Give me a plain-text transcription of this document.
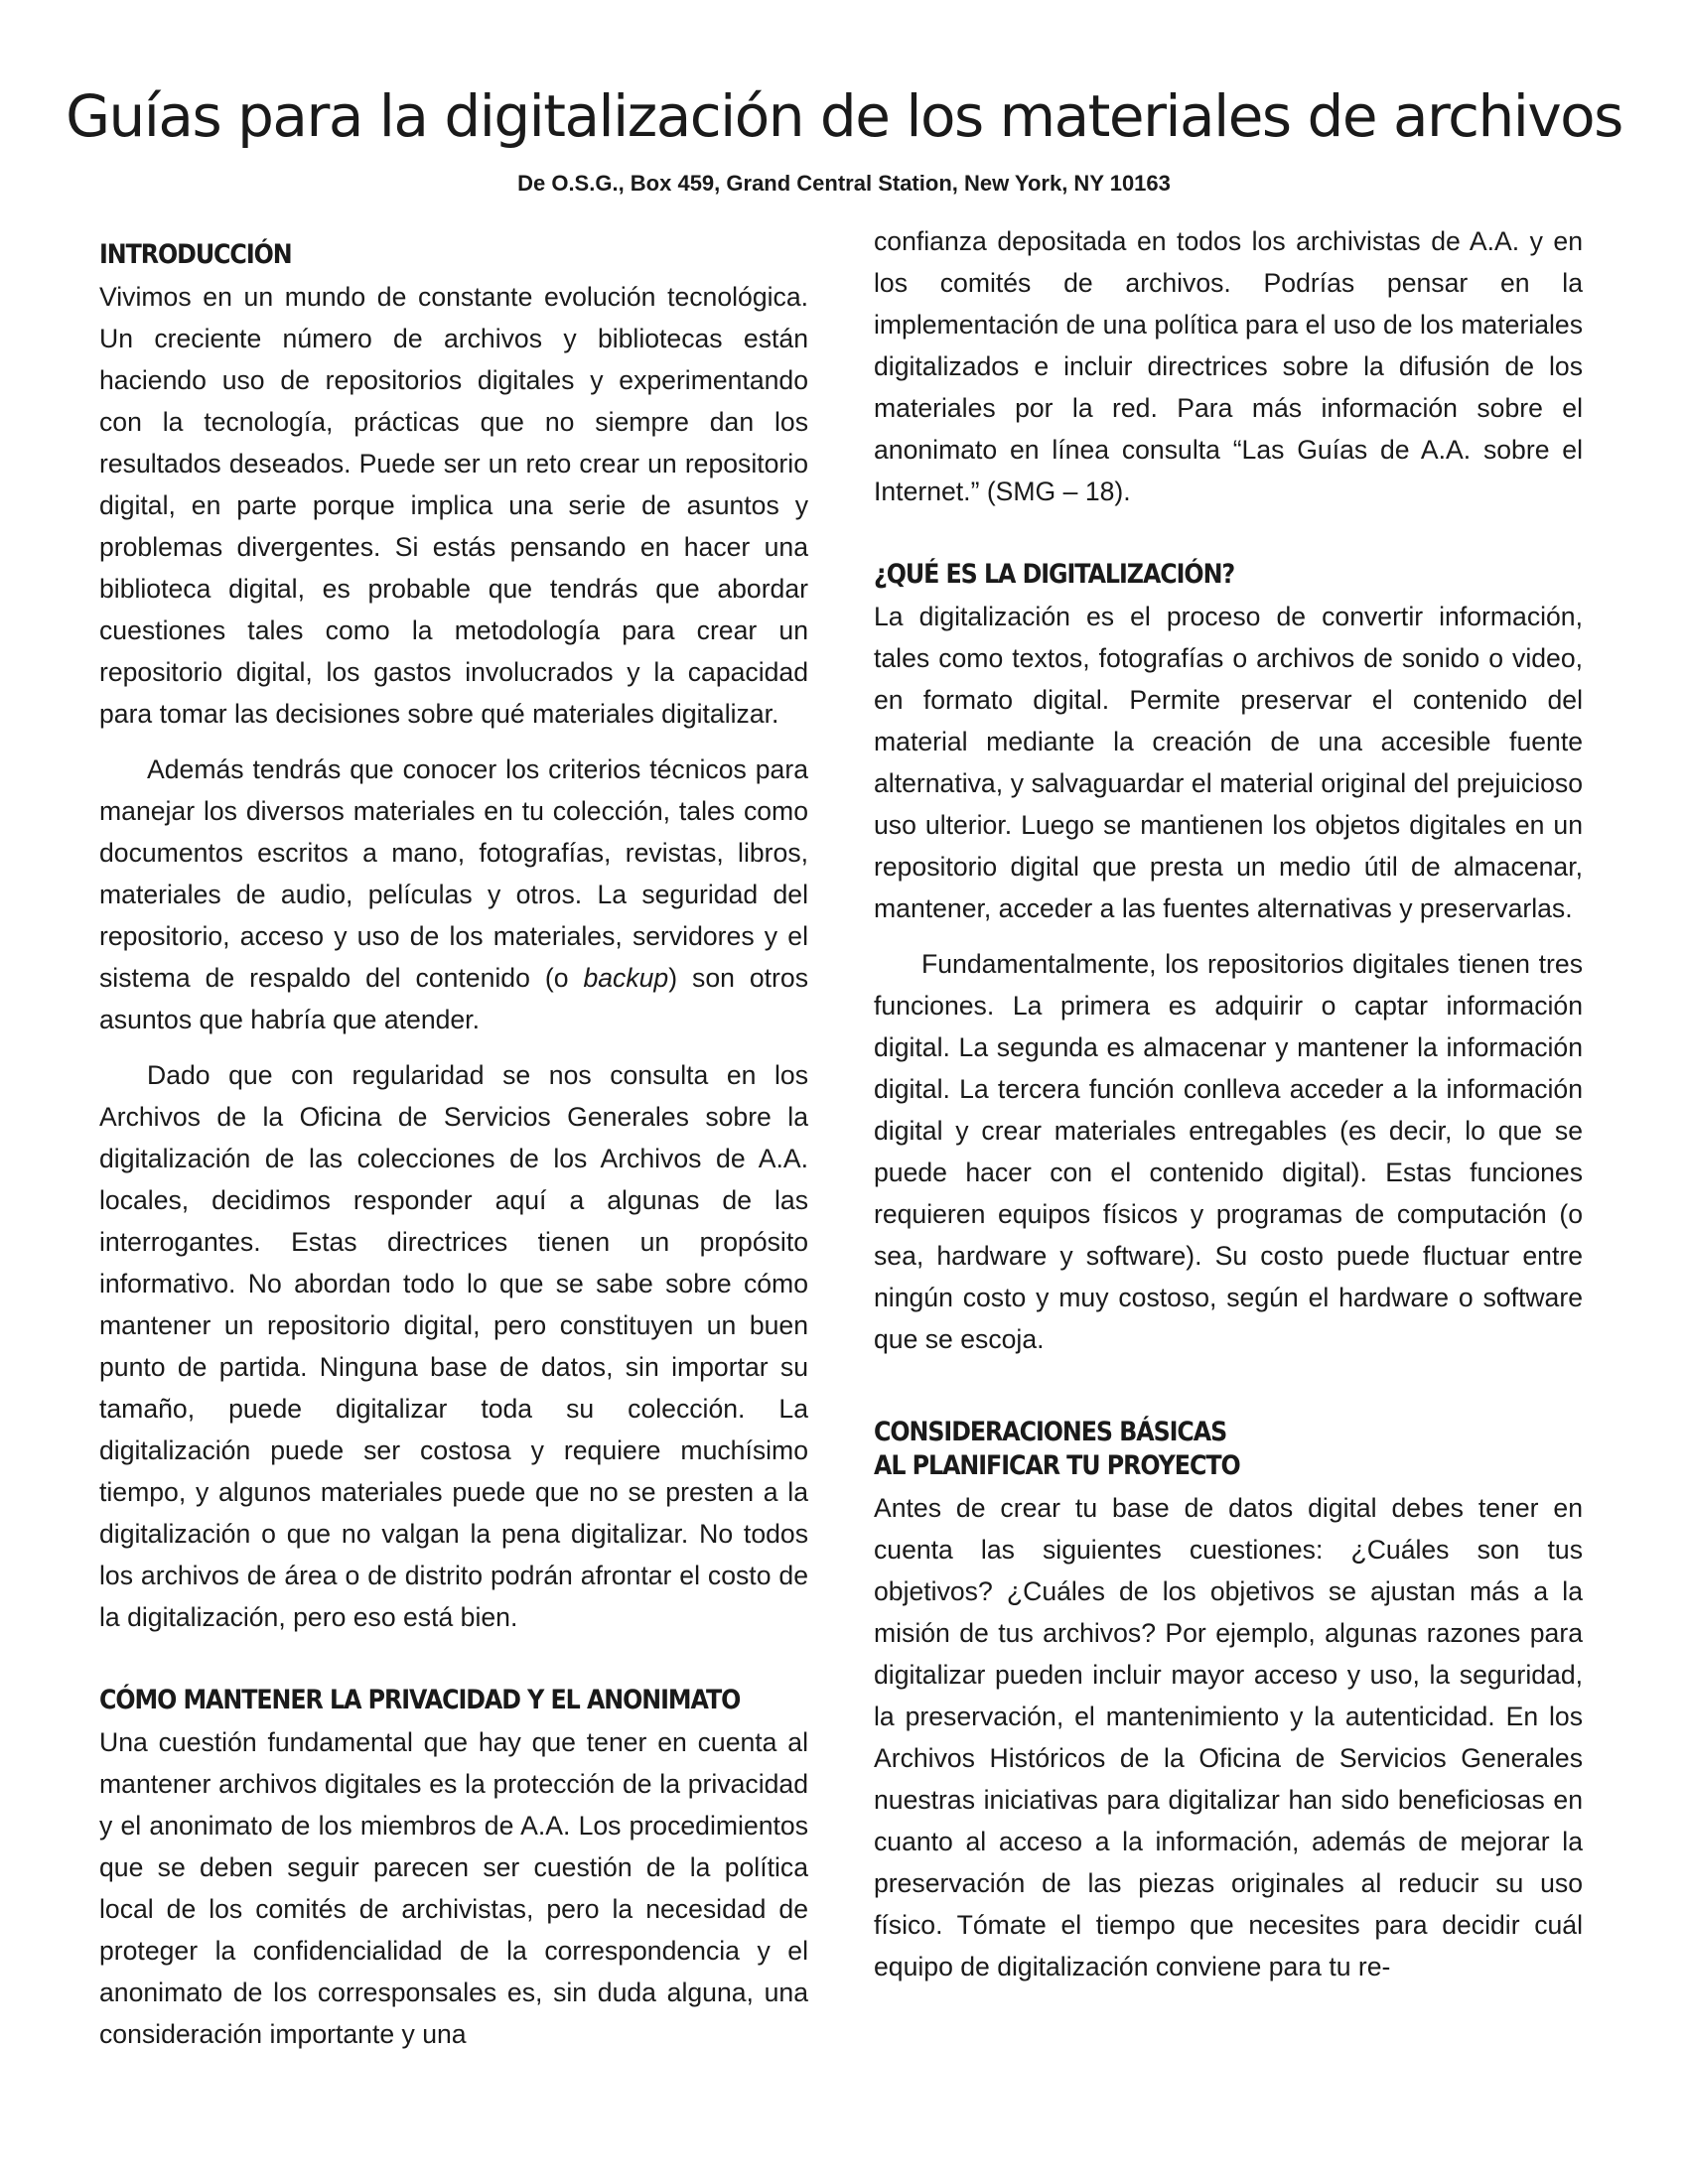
Guías para la digitalización de los materiales de archivos

De O.S.G., Box 459, Grand Central Station, New York, NY 10163

INTRODUCCIÓN

Vivimos en un mundo de constante evolución tecnológica. Un creciente número de archivos y bibliotecas están haciendo uso de repositorios digitales y experimentando con la tecnología, prácticas que no siempre dan los resultados deseados. Puede ser un reto crear un repositorio digital, en parte porque implica una serie de asuntos y problemas divergentes. Si estás pensando en hacer una biblioteca digital, es probable que tendrás que abordar cuestiones tales como la metodología para crear un repositorio digital, los gastos involucrados y la capacidad para tomar las decisiones sobre qué materiales digitalizar.

Además tendrás que conocer los criterios técnicos para manejar los diversos materiales en tu colección, tales como documentos escritos a mano, fotografías, revistas, libros, materiales de audio, películas y otros. La seguridad del repositorio, acceso y uso de los materiales, servidores y el sistema de respaldo del contenido (o backup) son otros asuntos que habría que atender.

Dado que con regularidad se nos consulta en los Archivos de la Oficina de Servicios Generales sobre la digitalización de las colecciones de los Archivos de A.A. locales, decidimos responder aquí a algunas de las interrogantes. Estas directrices tienen un propósito informativo. No abordan todo lo que se sabe sobre cómo mantener un repositorio digital, pero constituyen un buen punto de partida. Ninguna base de datos, sin importar su tamaño, puede digitalizar toda su colección. La digitalización puede ser costosa y requiere muchísimo tiempo, y algunos materiales puede que no se presten a la digitalización o que no valgan la pena digitalizar. No todos los archivos de área o de distrito podrán afrontar el costo de la digitalización, pero eso está bien.

CÓMO MANTENER LA PRIVACIDAD Y EL ANONIMATO

Una cuestión fundamental que hay que tener en cuenta al mantener archivos digitales es la protección de la privacidad y el anonimato de los miembros de A.A. Los procedimientos que se deben seguir parecen ser cuestión de la política local de los comités de archivistas, pero la necesidad de proteger la confidencialidad de la correspondencia y el anonimato de los corresponsales es, sin duda alguna, una consideración importante y una

confianza depositada en todos los archivistas de A.A. y en los comités de archivos. Podrías pensar en la implementación de una política para el uso de los materiales digitalizados e incluir directrices sobre la difusión de los materiales por la red. Para más información sobre el anonimato en línea consulta “Las Guías de A.A. sobre el Internet.” (SMG – 18).

¿QUÉ ES LA DIGITALIZACIÓN?

La digitalización es el proceso de convertir información, tales como textos, fotografías o archivos de sonido o video, en formato digital. Permite preservar el contenido del material mediante la creación de una accesible fuente alternativa, y salvaguardar el material original del prejuicioso uso ulterior. Luego se mantienen los objetos digitales en un repositorio digital que presta un medio útil de almacenar, mantener, acceder a las fuentes alternativas y preservarlas.

Fundamentalmente, los repositorios digitales tienen tres funciones. La primera es adquirir o captar información digital. La segunda es almacenar y mantener la información digital. La tercera función conlleva acceder a la información digital y crear materiales entregables (es decir, lo que se puede hacer con el contenido digital). Estas funciones requieren equipos físicos y programas de computación (o sea, hardware y software). Su costo puede fluctuar entre ningún costo y muy costoso, según el hardware o software que se escoja.

CONSIDERACIONES BÁSICAS
AL PLANIFICAR TU PROYECTO

Antes de crear tu base de datos digital debes tener en cuenta las siguientes cuestiones: ¿Cuáles son tus objetivos? ¿Cuáles de los objetivos se ajustan más a la misión de tus archivos? Por ejemplo, algunas razones para digitalizar pueden incluir mayor acceso y uso, la seguridad, la preservación, el mantenimiento y la autenticidad. En los Archivos Históricos de la Oficina de Servicios Generales nuestras iniciativas para digitalizar han sido beneficiosas en cuanto al acceso a la información, además de mejorar la preservación de las piezas originales al reducir su uso físico. Tómate el tiempo que necesites para decidir cuál equipo de digitalización conviene para tu re-
